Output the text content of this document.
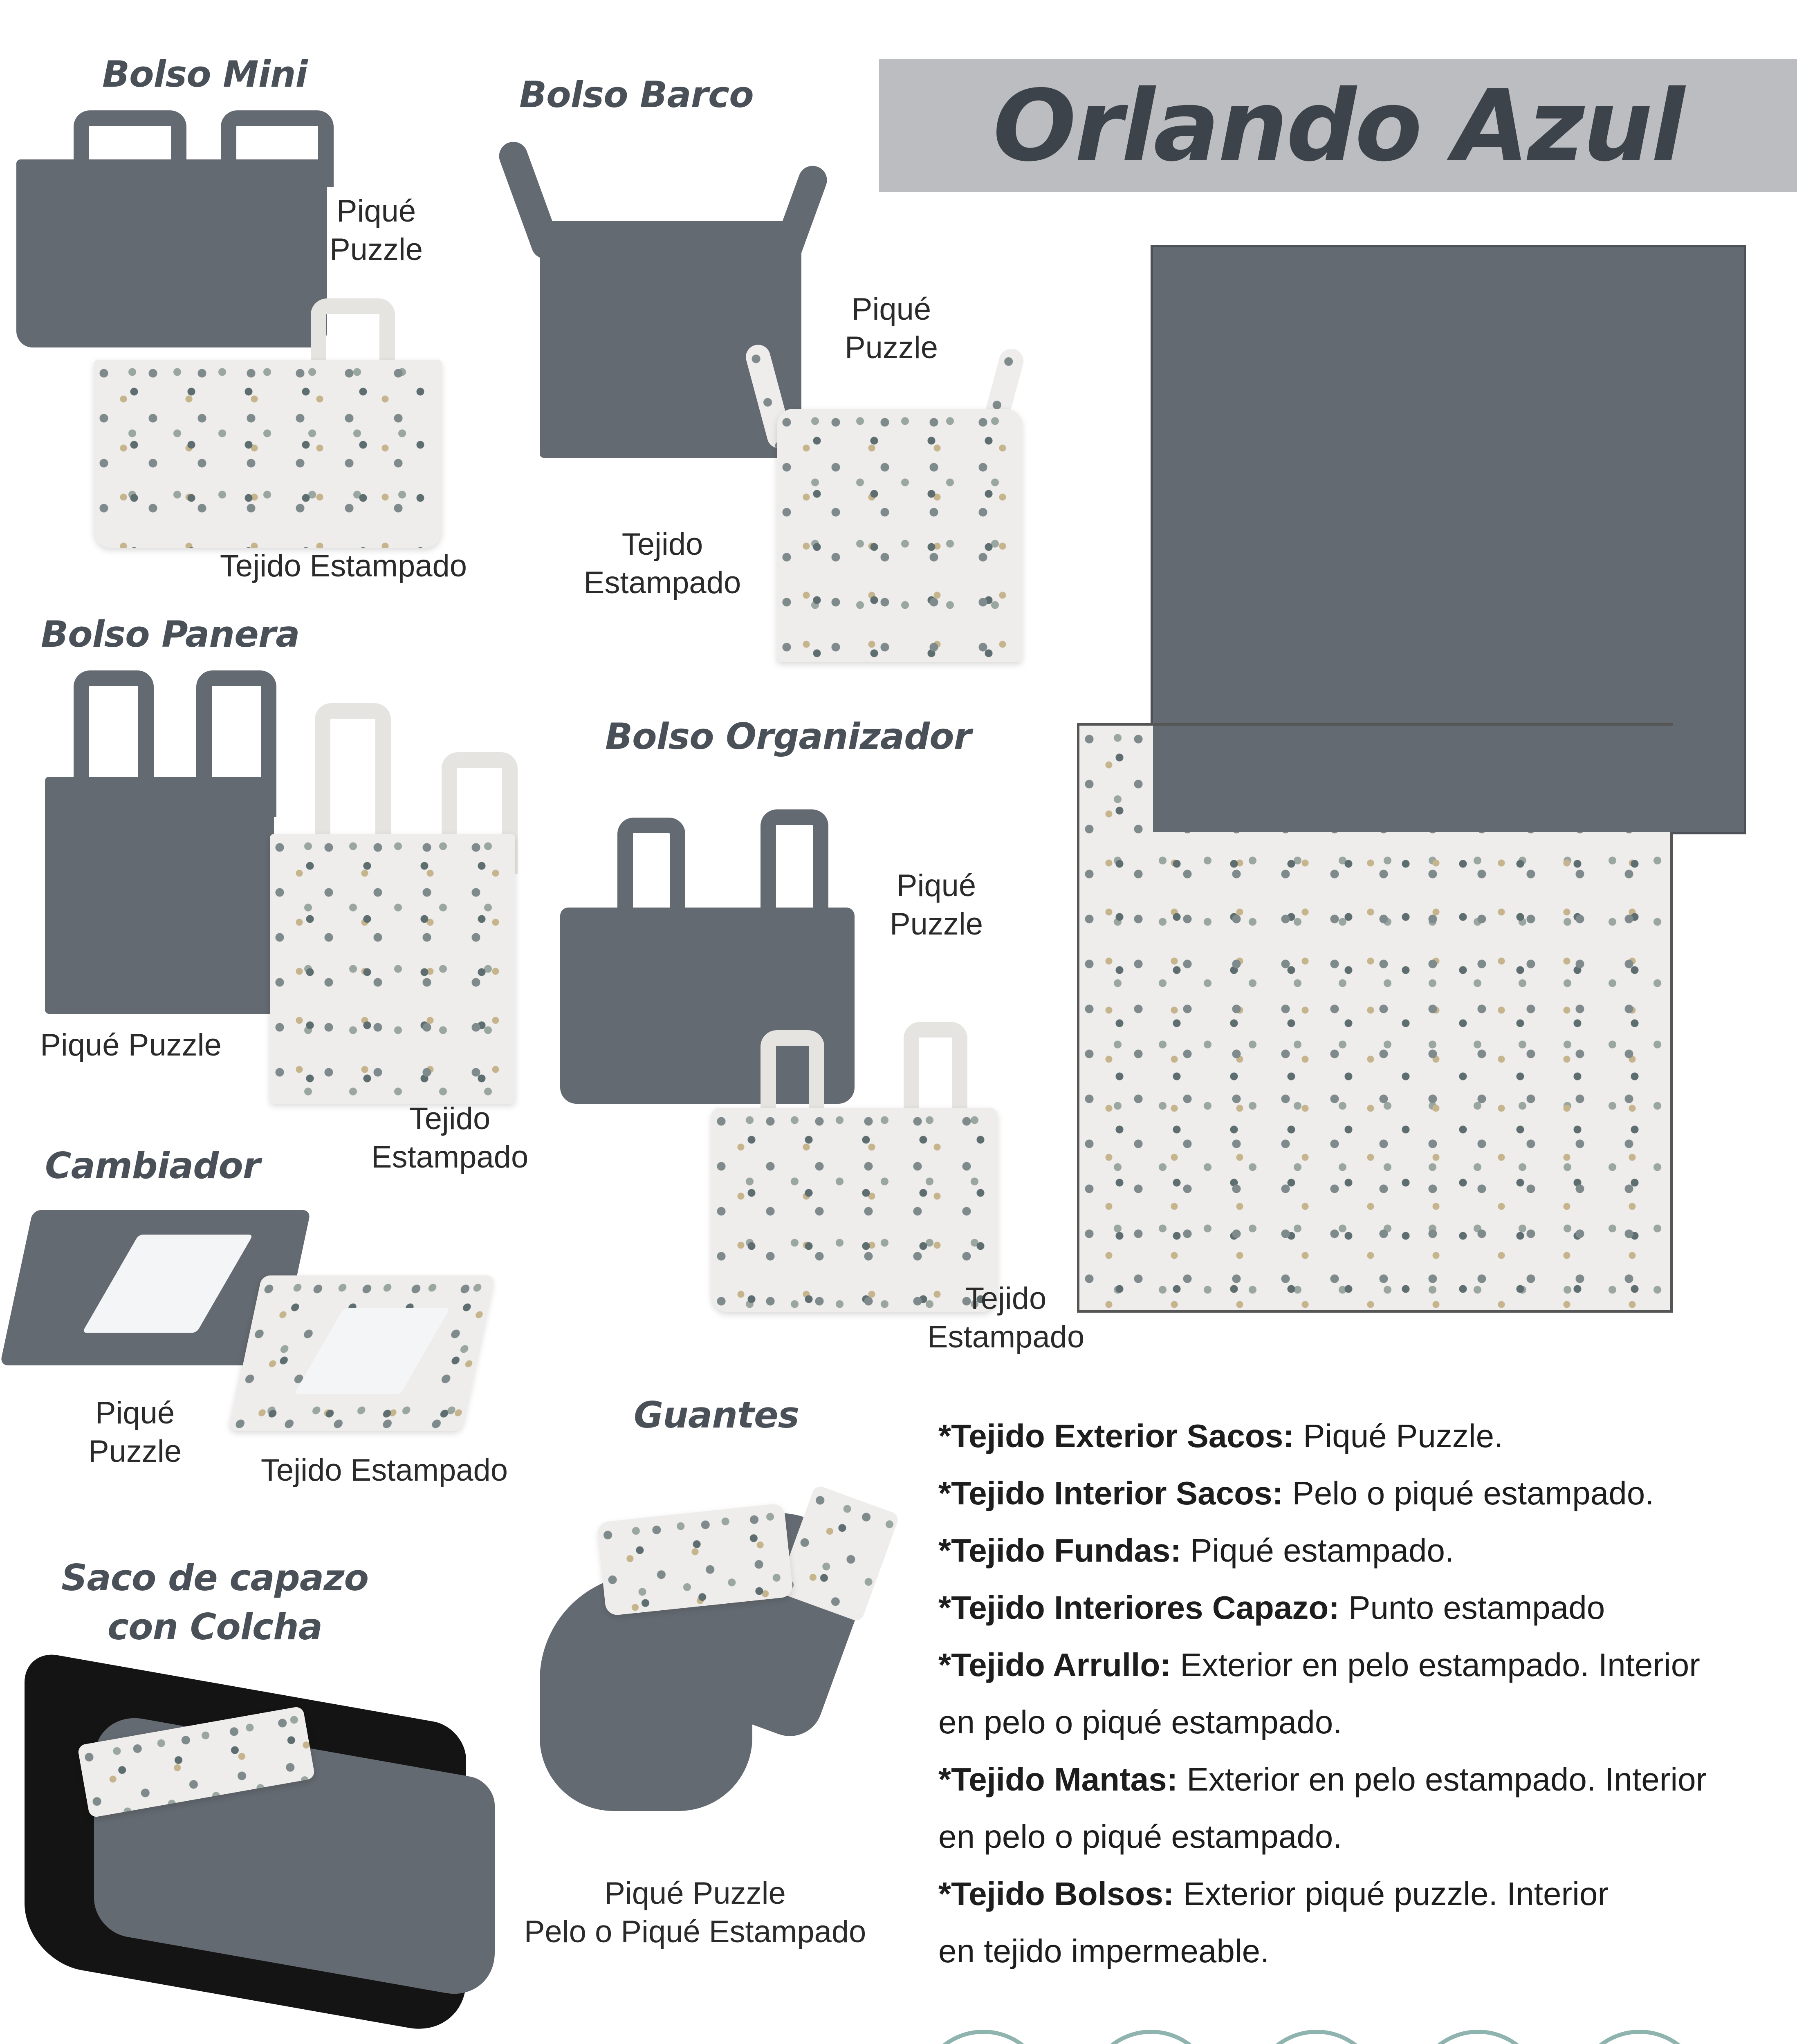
Orlando Azul
Bolso Mini
Piqué
Puzzle
Tejido Estampado
Bolso Barco
Piqué
Puzzle
Tejido
Estampado
Bolso Panera
Piqué Puzzle
Tejido
Estampado
Bolso Organizador
Piqué
Puzzle
Tejido
Estampado
Cambiador
Piqué
Puzzle
Tejido Estampado
Guantes
Piqué Puzzle
Pelo o Piqué Estampado
Saco de capazo
con Colcha
*Tejido Exterior Sacos: Piqué Puzzle.
*Tejido Interior Sacos: Pelo o piqué estampado.
*Tejido Fundas: Piqué estampado.
*Tejido Interiores Capazo: Punto estampado
*Tejido Arrullo: Exterior en pelo estampado. Interior
en pelo o piqué estampado.
*Tejido Mantas: Exterior en pelo estampado. Interior
en pelo o piqué estampado.
*Tejido Bolsos: Exterior piqué puzzle. Interior
en tejido impermeable.
